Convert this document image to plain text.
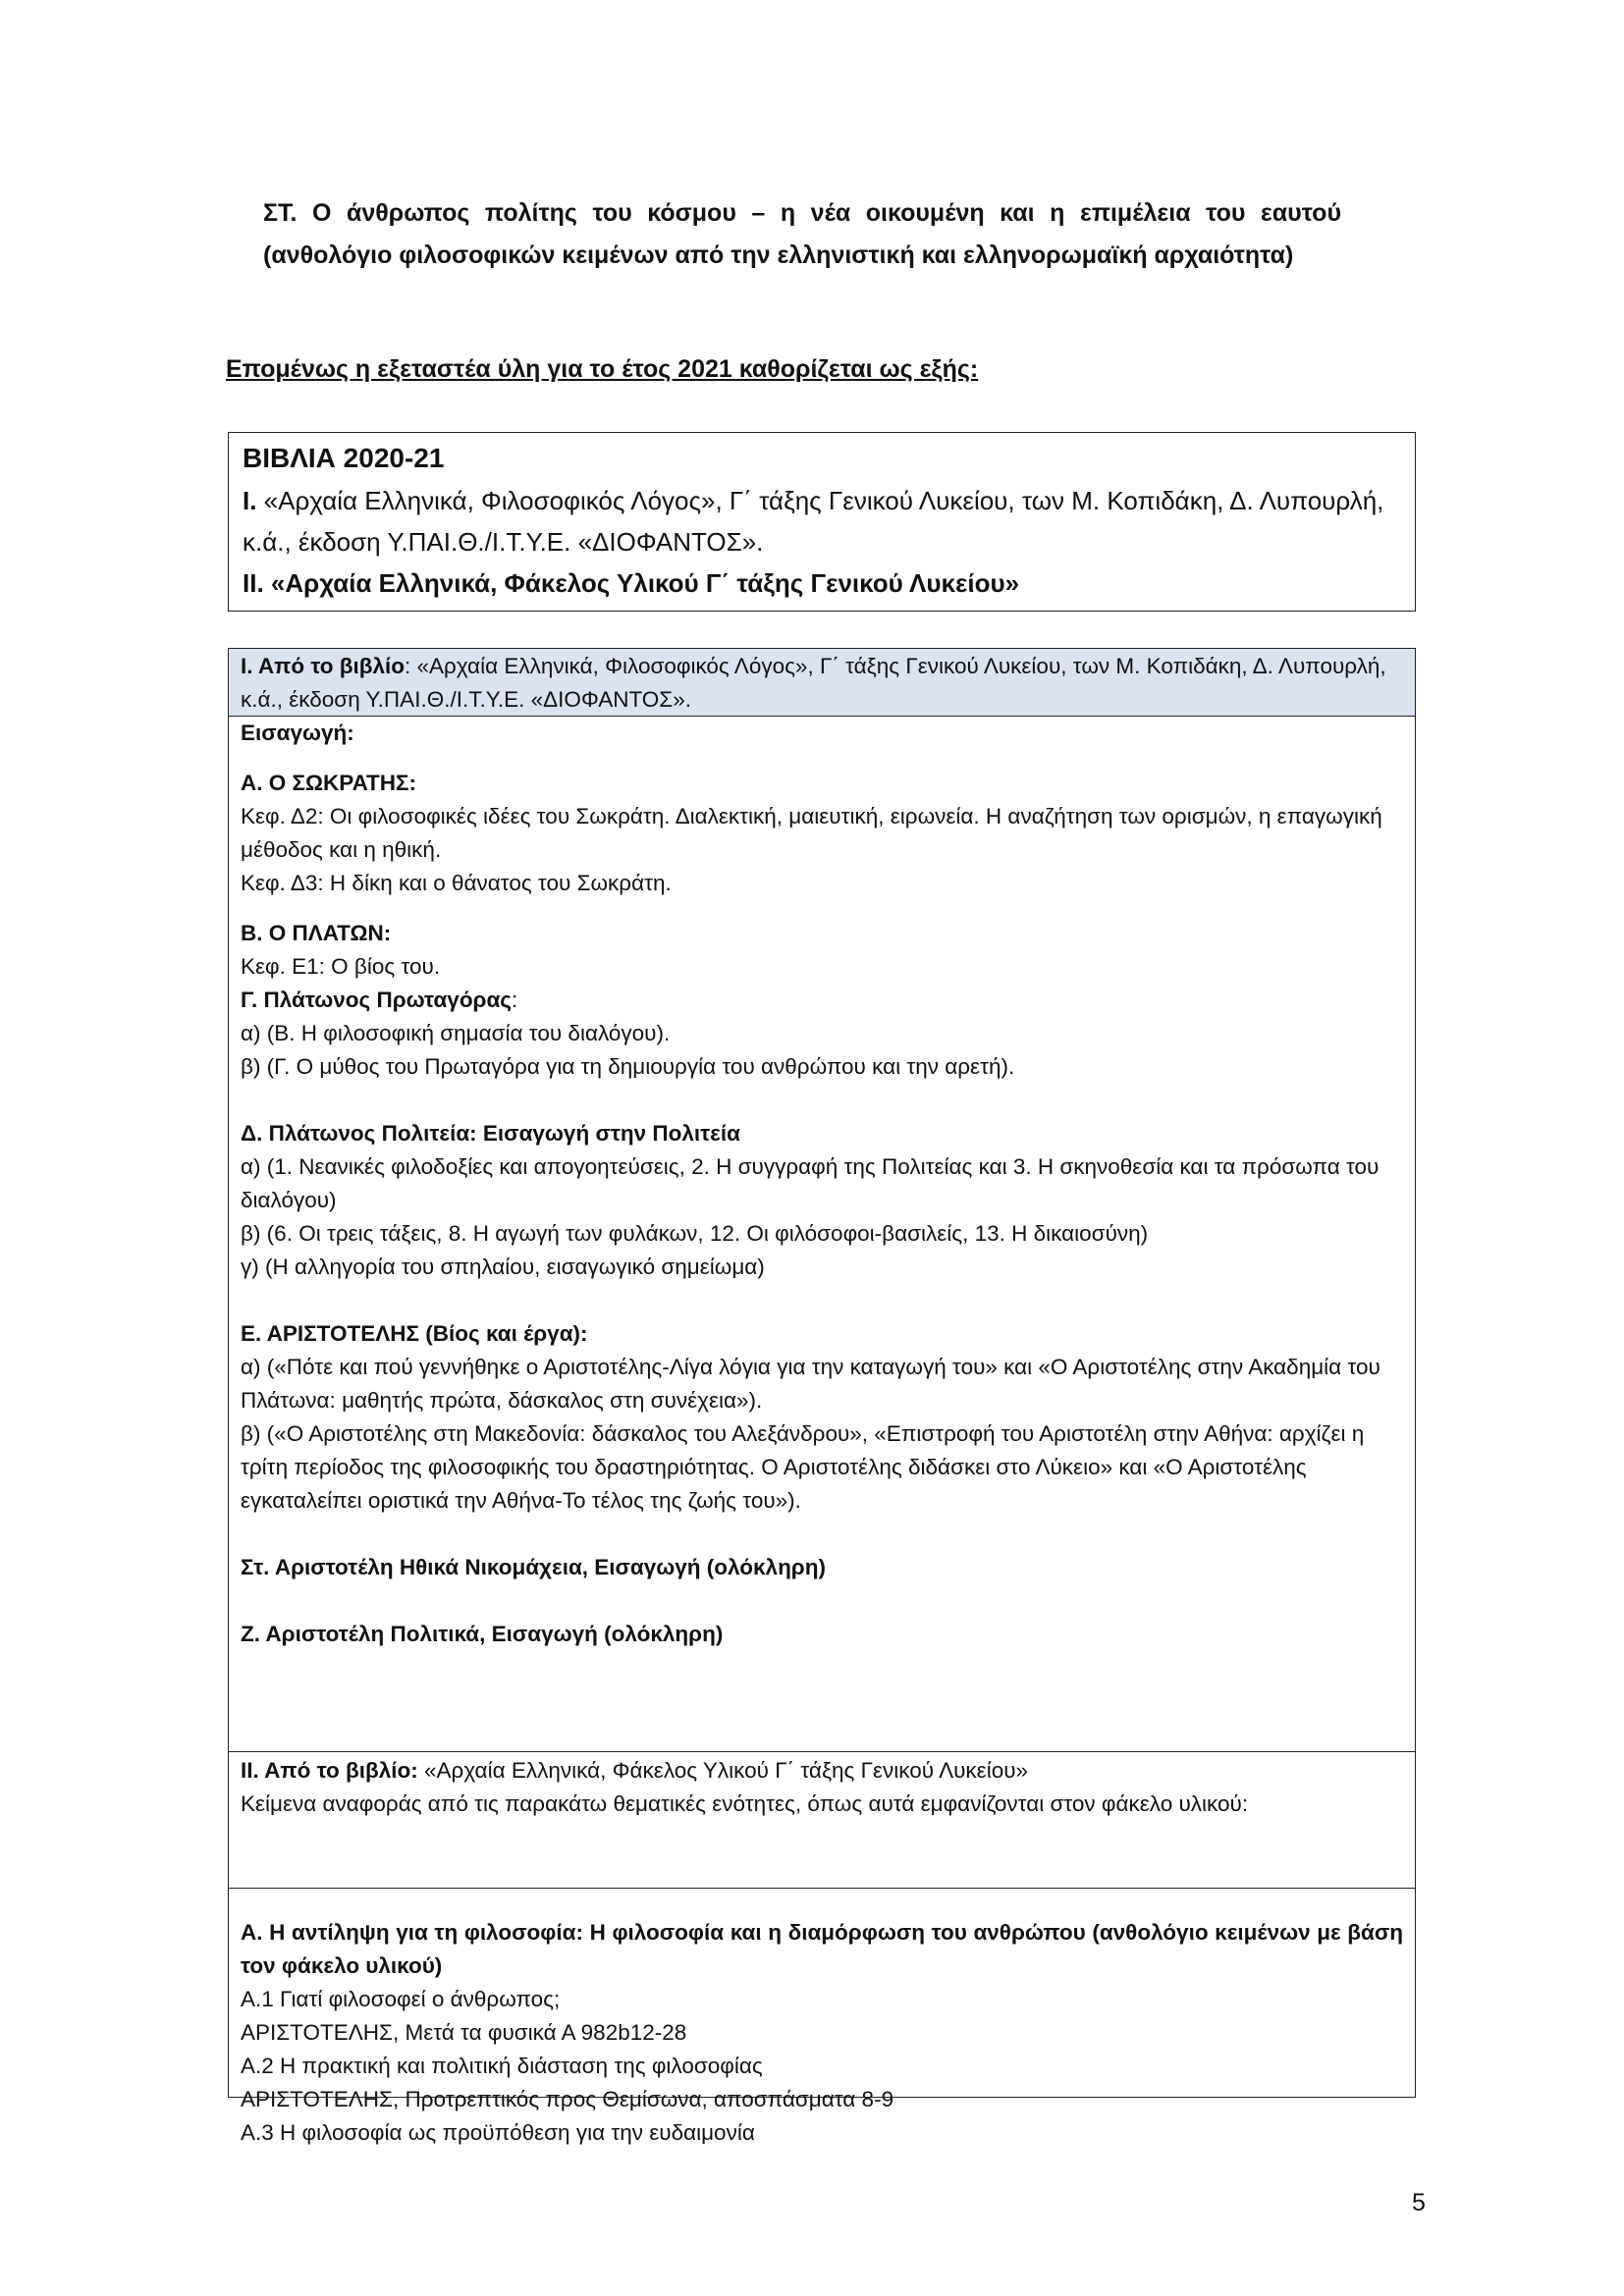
ΣΤ. Ο άνθρωπος πολίτης του κόσμου – η νέα οικουμένη και η επιμέλεια του εαυτού (ανθολόγιο φιλοσοφικών κειμένων από την ελληνιστική και ελληνορωμαϊκή αρχαιότητα)
Επομένως η εξεταστέα ύλη για το έτος 2021 καθορίζεται ως εξής:
ΒΙΒΛΙΑ 2020-21
Ι. «Αρχαία Ελληνικά, Φιλοσοφικός Λόγος», Γ΄ τάξης Γενικού Λυκείου, των Μ. Κοπιδάκη, Δ. Λυπουρλή, κ.ά., έκδοση Υ.ΠΑΙ.Θ./Ι.Τ.Υ.Ε. «ΔΙΟΦΑΝΤΟΣ».
ΙΙ. «Αρχαία Ελληνικά, Φάκελος Υλικού Γ΄ τάξης Γενικού Λυκείου»
Ι. Από το βιβλίο: «Αρχαία Ελληνικά, Φιλοσοφικός Λόγος», Γ΄ τάξης Γενικού Λυκείου, των Μ. Κοπιδάκη, Δ. Λυπουρλή, κ.ά., έκδοση Υ.ΠΑΙ.Θ./Ι.Τ.Υ.Ε. «ΔΙΟΦΑΝΤΟΣ».
Εισαγωγή:
Α. Ο ΣΩΚΡΑΤΗΣ:
Κεφ. Δ2: Οι φιλοσοφικές ιδέες του Σωκράτη. Διαλεκτική, μαιευτική, ειρωνεία. Η αναζήτηση των ορισμών, η επαγωγική μέθοδος και η ηθική.
Κεφ. Δ3: Η δίκη και ο θάνατος του Σωκράτη.
Β. Ο ΠΛΑΤΩΝ:
Κεφ. Ε1: Ο βίος του.
Γ. Πλάτωνος Πρωταγόρας:
α) (Β. Η φιλοσοφική σημασία του διαλόγου).
β) (Γ. Ο μύθος του Πρωταγόρα για τη δημιουργία του ανθρώπου και την αρετή).
Δ. Πλάτωνος Πολιτεία: Εισαγωγή στην Πολιτεία
α) (1. Νεανικές φιλοδοξίες και απογοητεύσεις, 2. Η συγγραφή της Πολιτείας και 3. Η σκηνοθεσία και τα πρόσωπα του διαλόγου)
β) (6. Οι τρεις τάξεις, 8. Η αγωγή των φυλάκων, 12. Οι φιλόσοφοι-βασιλείς, 13. Η δικαιοσύνη)
γ) (Η αλληγορία του σπηλαίου, εισαγωγικό σημείωμα)
Ε. ΑΡΙΣΤΟΤΕΛΗΣ (Βίος και έργα):
α) («Πότε και πού γεννήθηκε ο Αριστοτέλης-Λίγα λόγια για την καταγωγή του» και «Ο Αριστοτέλης στην Ακαδημία του Πλάτωνα: μαθητής πρώτα, δάσκαλος στη συνέχεια»).
β) («Ο Αριστοτέλης στη Μακεδονία: δάσκαλος του Αλεξάνδρου», «Επιστροφή του Αριστοτέλη στην Αθήνα: αρχίζει η τρίτη περίοδος της φιλοσοφικής του δραστηριότητας. Ο Αριστοτέλης διδάσκει στο Λύκειο» και «Ο Αριστοτέλης εγκαταλείπει οριστικά την Αθήνα-Το τέλος της ζωής του»).
Στ. Αριστοτέλη Ηθικά Νικομάχεια, Εισαγωγή (ολόκληρη)
Ζ. Αριστοτέλη Πολιτικά, Εισαγωγή (ολόκληρη)
ΙΙ. Από το βιβλίο: «Αρχαία Ελληνικά, Φάκελος Υλικού Γ΄ τάξης Γενικού Λυκείου»
Κείμενα αναφοράς από τις παρακάτω θεματικές ενότητες, όπως αυτά εμφανίζονται στον φάκελο υλικού:
Α. Η αντίληψη για τη φιλοσοφία: Η φιλοσοφία και η διαμόρφωση του ανθρώπου (ανθολόγιο κειμένων με βάση τον φάκελο υλικού)
Α.1 Γιατί φιλοσοφεί ο άνθρωπος;
ΑΡΙΣΤΟΤΕΛΗΣ, Μετά τα φυσικά Α 982b12-28
Α.2 Η πρακτική και πολιτική διάσταση της φιλοσοφίας
ΑΡΙΣΤΟΤΕΛΗΣ, Προτρεπτικός προς Θεμίσωνα, αποσπάσματα 8-9
Α.3 Η φιλοσοφία ως προϋπόθεση για την ευδαιμονία
5
